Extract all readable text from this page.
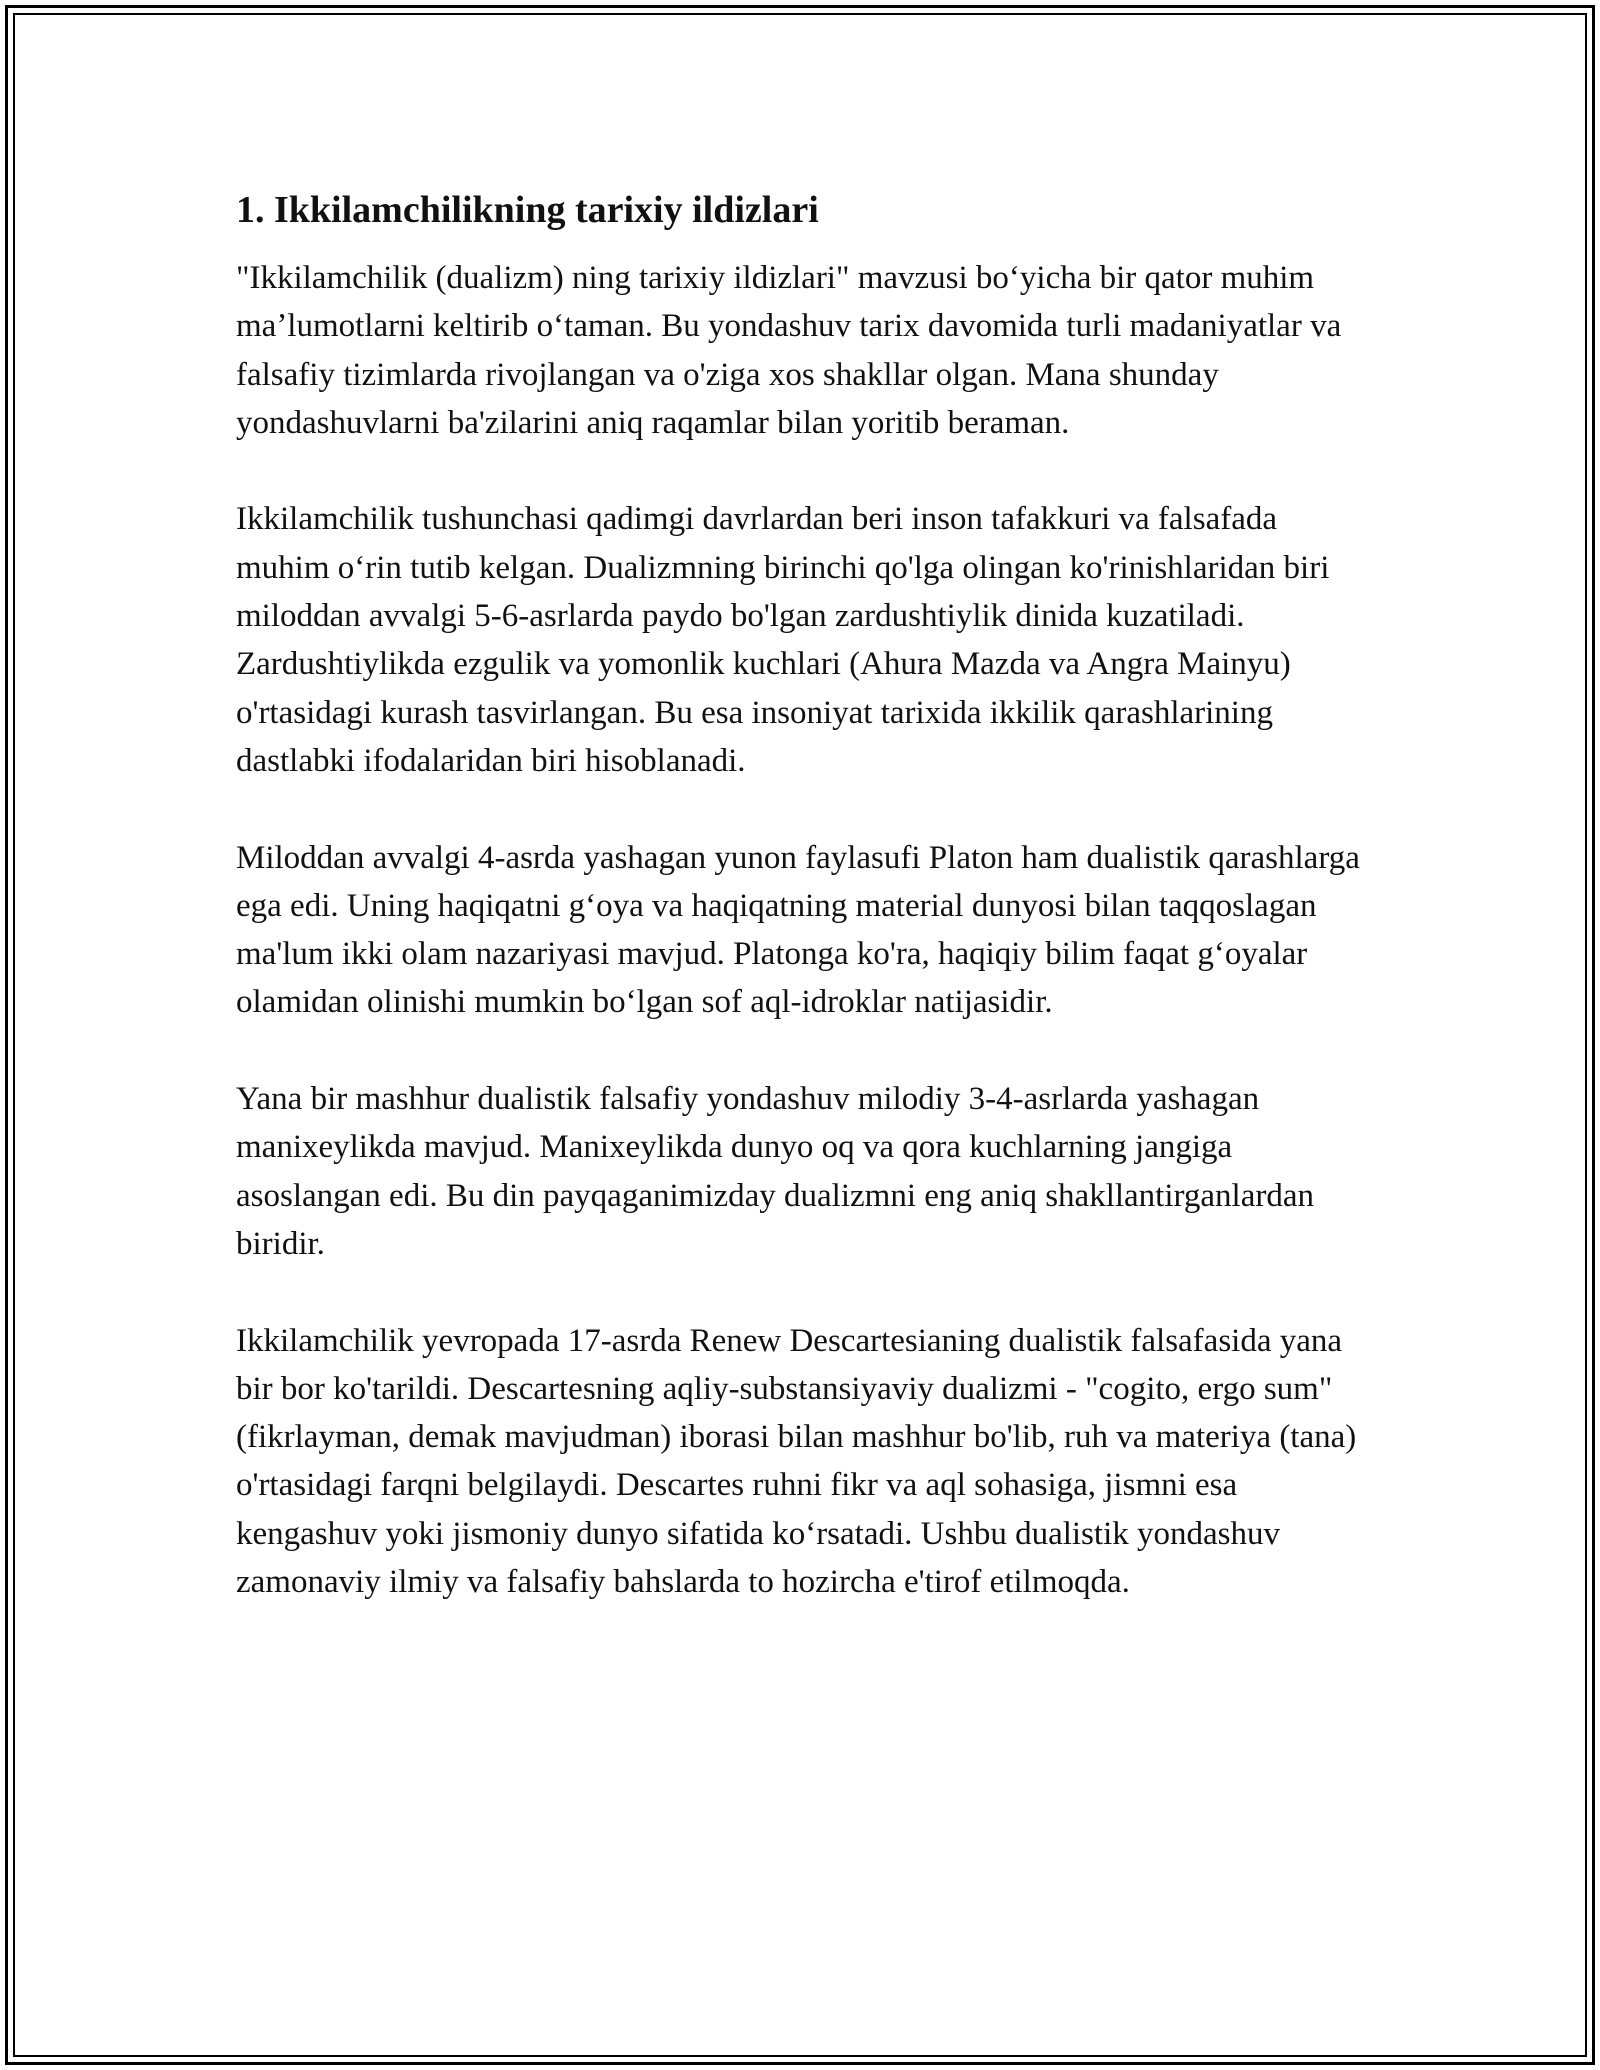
1. Ikkilamchilikning tarixiy ildizlari

"Ikkilamchilik (dualizm) ning tarixiy ildizlari" mavzusi boʻyicha bir qator muhim maʼlumotlarni keltirib oʻtaman. Bu yondashuv tarix davomida turli madaniyatlar va falsafiy tizimlarda rivojlangan va o'ziga xos shakllar olgan. Mana shunday yondashuvlarni ba'zilarini aniq raqamlar bilan yoritib beraman.

Ikkilamchilik tushunchasi qadimgi davrlardan beri inson tafakkuri va falsafada muhim oʻrin tutib kelgan. Dualizmning birinchi qo'lga olingan ko'rinishlaridan biri miloddan avvalgi 5-6-asrlarda paydo bo'lgan zardushtiylik dinida kuzatiladi. Zardushtiylikda ezgulik va yomonlik kuchlari (Ahura Mazda va Angra Mainyu) o'rtasidagi kurash tasvirlangan. Bu esa insoniyat tarixida ikkilik qarashlarining dastlabki ifodalaridan biri hisoblanadi.

Miloddan avvalgi 4-asrda yashagan yunon faylasufi Platon ham dualistik qarashlarga ega edi. Uning haqiqatni gʻoya va haqiqatning material dunyosi bilan taqqoslagan ma'lum ikki olam nazariyasi mavjud. Platonga ko'ra, haqiqiy bilim faqat gʻoyalar olamidan olinishi mumkin boʻlgan sof aql-idroklar natijasidir.

Yana bir mashhur dualistik falsafiy yondashuv milodiy 3-4-asrlarda yashagan manixeylikda mavjud. Manixeylikda dunyo oq va qora kuchlarning jangiga asoslangan edi. Bu din payqaganimizday dualizmni eng aniq shakllantirganlardan biridir.

Ikkilamchilik yevropada 17-asrda Renew Descartesianing dualistik falsafasida yana bir bor ko'tarildi. Descartesning aqliy-substansiyaviy dualizmi - "cogito, ergo sum" (fikrlayman, demak mavjudman) iborasi bilan mashhur bo'lib, ruh va materiya (tana) o'rtasidagi farqni belgilaydi. Descartes ruhni fikr va aql sohasiga, jismni esa kengashuv yoki jismoniy dunyo sifatida koʻrsatadi. Ushbu dualistik yondashuv zamonaviy ilmiy va falsafiy bahslarda to hozircha e'tirof etilmoqda.
